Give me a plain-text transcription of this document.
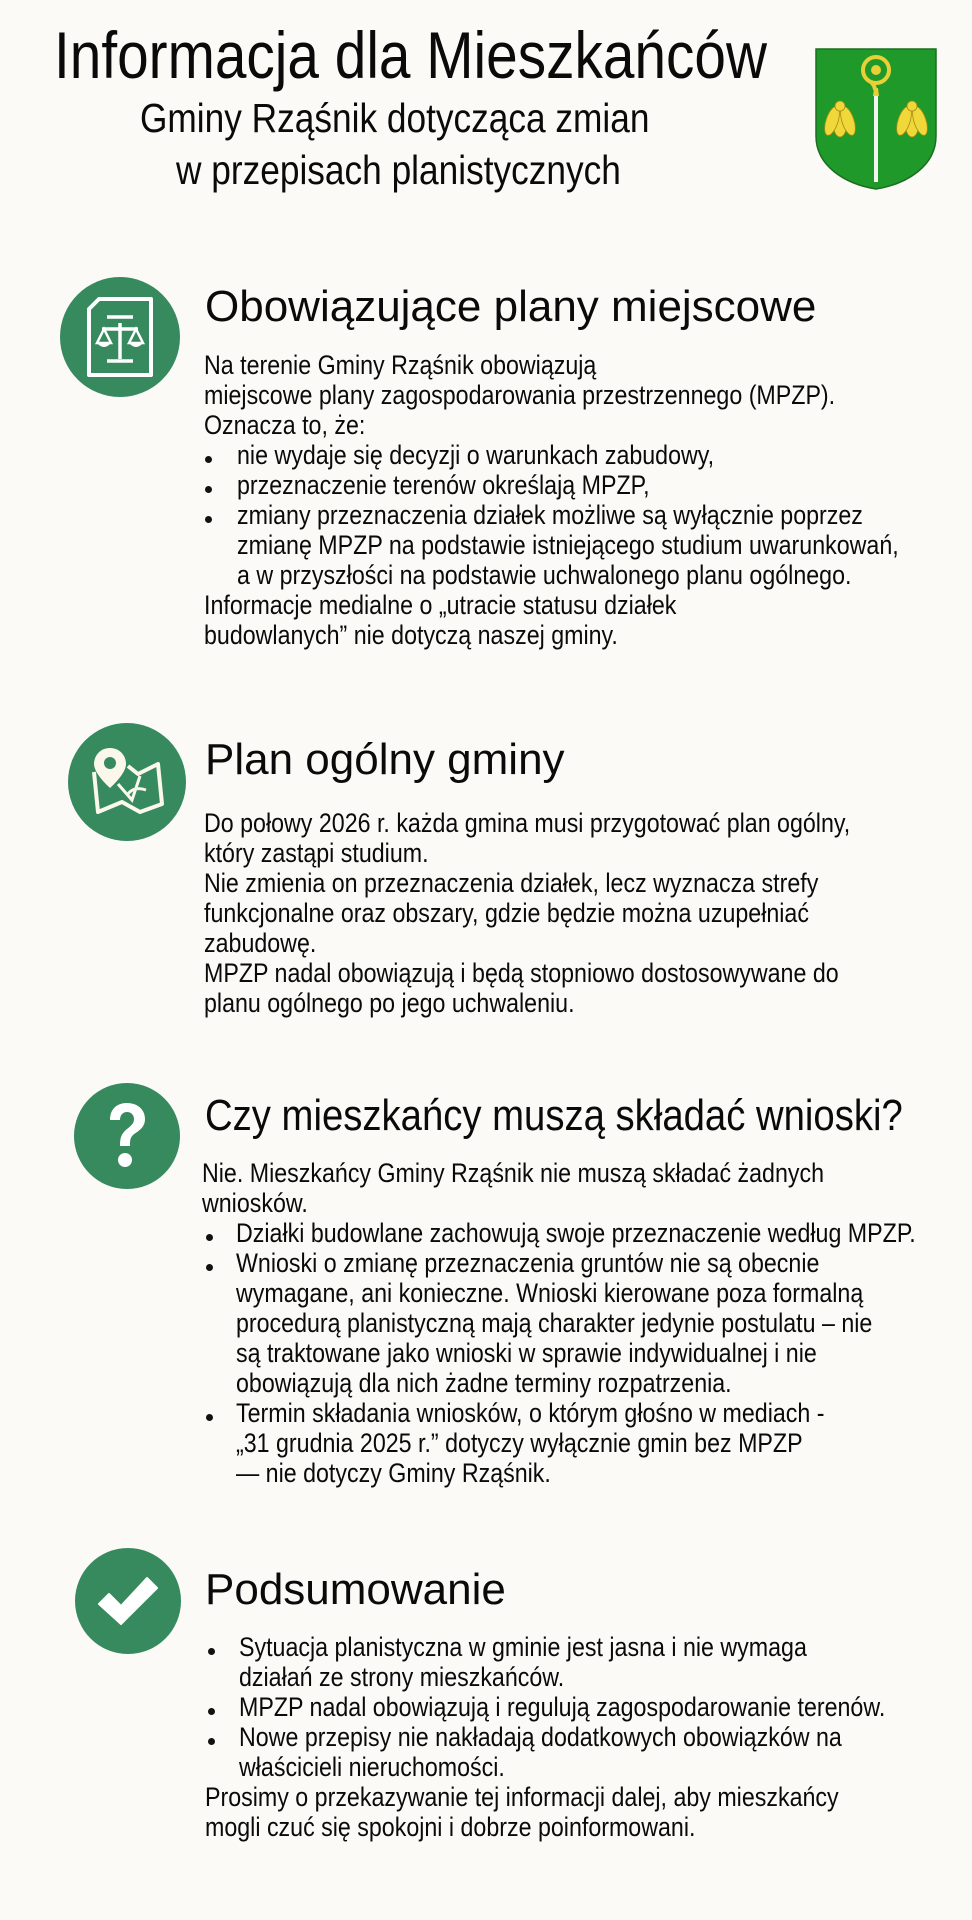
Informacja dla Mieszkańców
Gminy Rząśnik dotycząca zmian
w przepisach planistycznych
Obowiązujące plany miejscowe
Na terenie Gminy Rząśnik obowiązują
miejscowe plany zagospodarowania przestrzennego (MPZP).
Oznacza to, że:
nie wydaje się decyzji o warunkach zabudowy,
przeznaczenie terenów określają MPZP,
zmiany przeznaczenia działek możliwe są wyłącznie poprzez
zmianę MPZP na podstawie istniejącego studium uwarunkowań,
a w przyszłości na podstawie uchwalonego planu ogólnego.
Informacje medialne o „utracie statusu działek
budowlanych” nie dotyczą naszej gminy.
Plan ogólny gminy
Do połowy 2026 r. każda gmina musi przygotować plan ogólny,
który zastąpi studium.
Nie zmienia on przeznaczenia działek, lecz wyznacza strefy
funkcjonalne oraz obszary, gdzie będzie można uzupełniać
zabudowę.
MPZP nadal obowiązują i będą stopniowo dostosowywane do
planu ogólnego po jego uchwaleniu.
Czy mieszkańcy muszą składać wnioski?
Nie. Mieszkańcy Gminy Rząśnik nie muszą składać żadnych
wniosków.
Działki budowlane zachowują swoje przeznaczenie według MPZP.
Wnioski o zmianę przeznaczenia gruntów nie są obecnie
wymagane, ani konieczne. Wnioski kierowane poza formalną
procedurą planistyczną mają charakter jedynie postulatu – nie
są traktowane jako wnioski w sprawie indywidualnej i nie
obowiązują dla nich żadne terminy rozpatrzenia.
Termin składania wniosków, o którym głośno w mediach -
„31 grudnia 2025 r.” dotyczy wyłącznie gmin bez MPZP
— nie dotyczy Gminy Rząśnik.
Podsumowanie
Sytuacja planistyczna w gminie jest jasna i nie wymaga
działań ze strony mieszkańców.
MPZP nadal obowiązują i regulują zagospodarowanie terenów.
Nowe przepisy nie nakładają dodatkowych obowiązków na
właścicieli nieruchomości.
Prosimy o przekazywanie tej informacji dalej, aby mieszkańcy
mogli czuć się spokojni i dobrze poinformowani.
